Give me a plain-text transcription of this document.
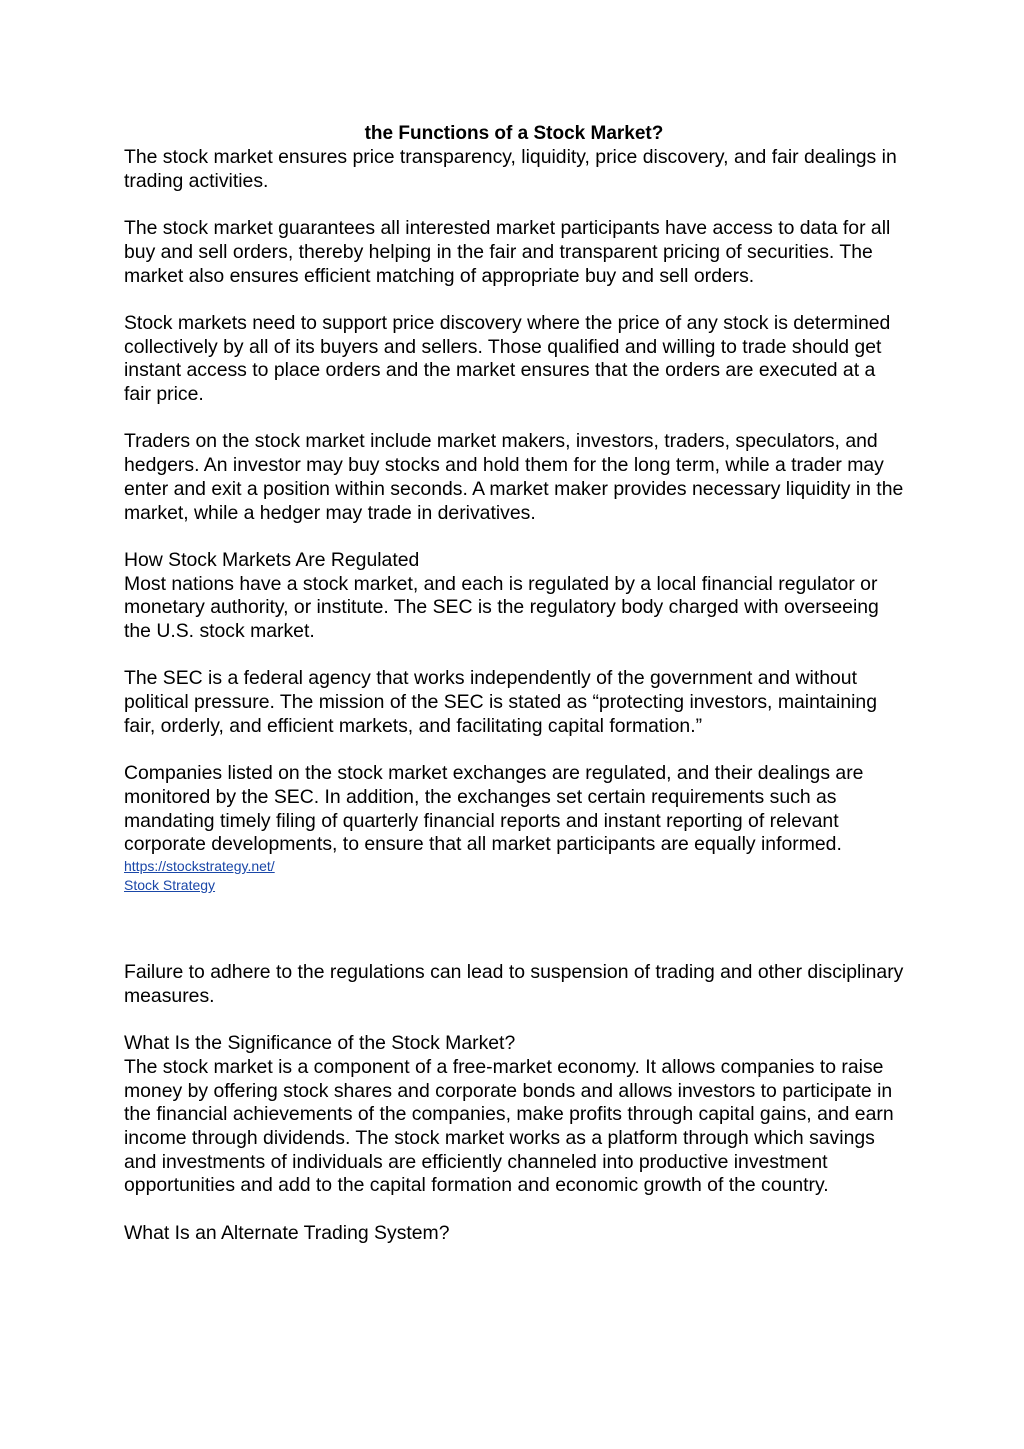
the Functions of a Stock Market?

The stock market ensures price transparency, liquidity, price discovery, and fair dealings in trading activities.

The stock market guarantees all interested market participants have access to data for all buy and sell orders, thereby helping in the fair and transparent pricing of securities. The market also ensures efficient matching of appropriate buy and sell orders.

Stock markets need to support price discovery where the price of any stock is determined collectively by all of its buyers and sellers. Those qualified and willing to trade should get instant access to place orders and the market ensures that the orders are executed at a fair price.

Traders on the stock market include market makers, investors, traders, speculators, and hedgers. An investor may buy stocks and hold them for the long term, while a trader may enter and exit a position within seconds. A market maker provides necessary liquidity in the market, while a hedger may trade in derivatives.

How Stock Markets Are Regulated

Most nations have a stock market, and each is regulated by a local financial regulator or monetary authority, or institute. The SEC is the regulatory body charged with overseeing the U.S. stock market.

The SEC is a federal agency that works independently of the government and without political pressure. The mission of the SEC is stated as “protecting investors, maintaining fair, orderly, and efficient markets, and facilitating capital formation.”

Companies listed on the stock market exchanges are regulated, and their dealings are monitored by the SEC. In addition, the exchanges set certain requirements such as mandating timely filing of quarterly financial reports and instant reporting of relevant corporate developments, to ensure that all market participants are equally informed.

https://stockstrategy.net/
Stock Strategy

Failure to adhere to the regulations can lead to suspension of trading and other disciplinary measures.

What Is the Significance of the Stock Market?

The stock market is a component of a free-market economy. It allows companies to raise money by offering stock shares and corporate bonds and allows investors to participate in the financial achievements of the companies, make profits through capital gains, and earn income through dividends. The stock market works as a platform through which savings and investments of individuals are efficiently channeled into productive investment opportunities and add to the capital formation and economic growth of the country.

What Is an Alternate Trading System?
